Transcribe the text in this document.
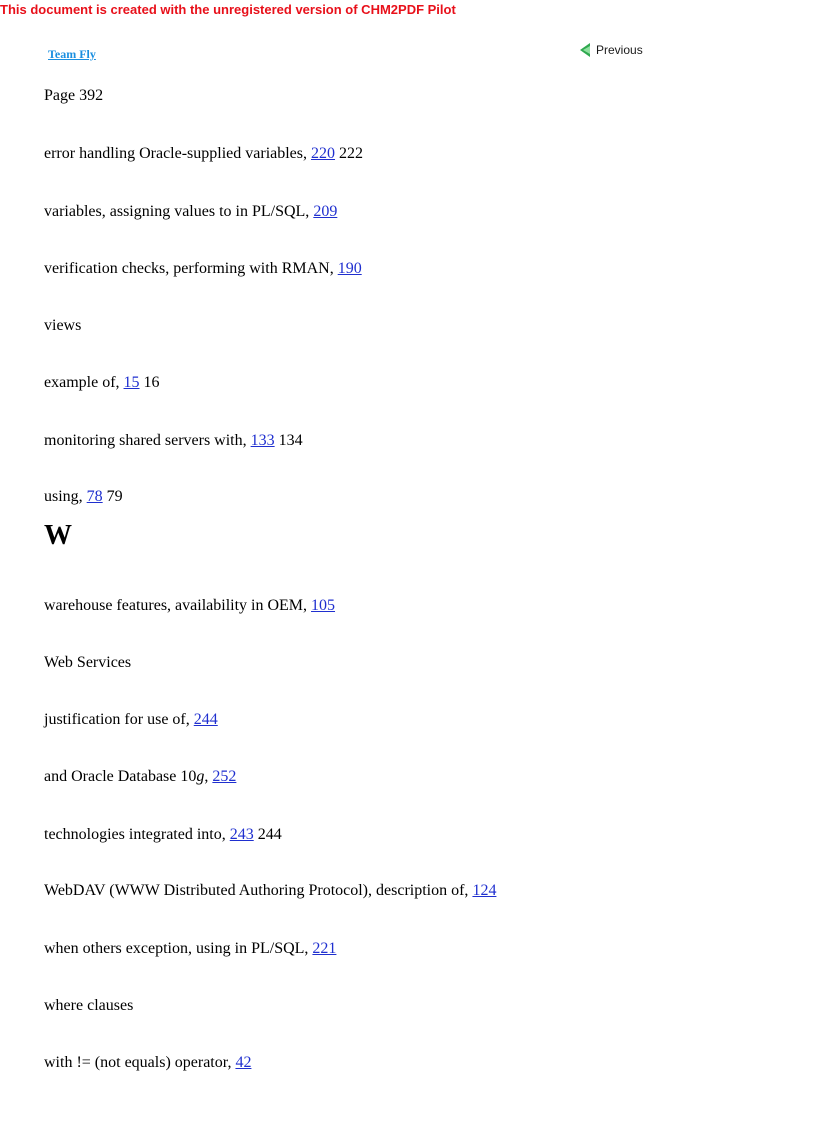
This document is created with the unregistered version of CHM2PDF Pilot
Team Fly	Previous
Page 392
error handling Oracle-supplied variables, 220 222
variables, assigning values to in PL/SQL, 209
verification checks, performing with RMAN, 190
views
example of, 15 16
monitoring shared servers with, 133 134
using, 78 79
W
warehouse features, availability in OEM, 105
Web Services
justification for use of, 244
and Oracle Database 10g, 252
technologies integrated into, 243 244
WebDAV (WWW Distributed Authoring Protocol), description of, 124
when others exception, using in PL/SQL, 221
where clauses
with != (not equals) operator, 42
